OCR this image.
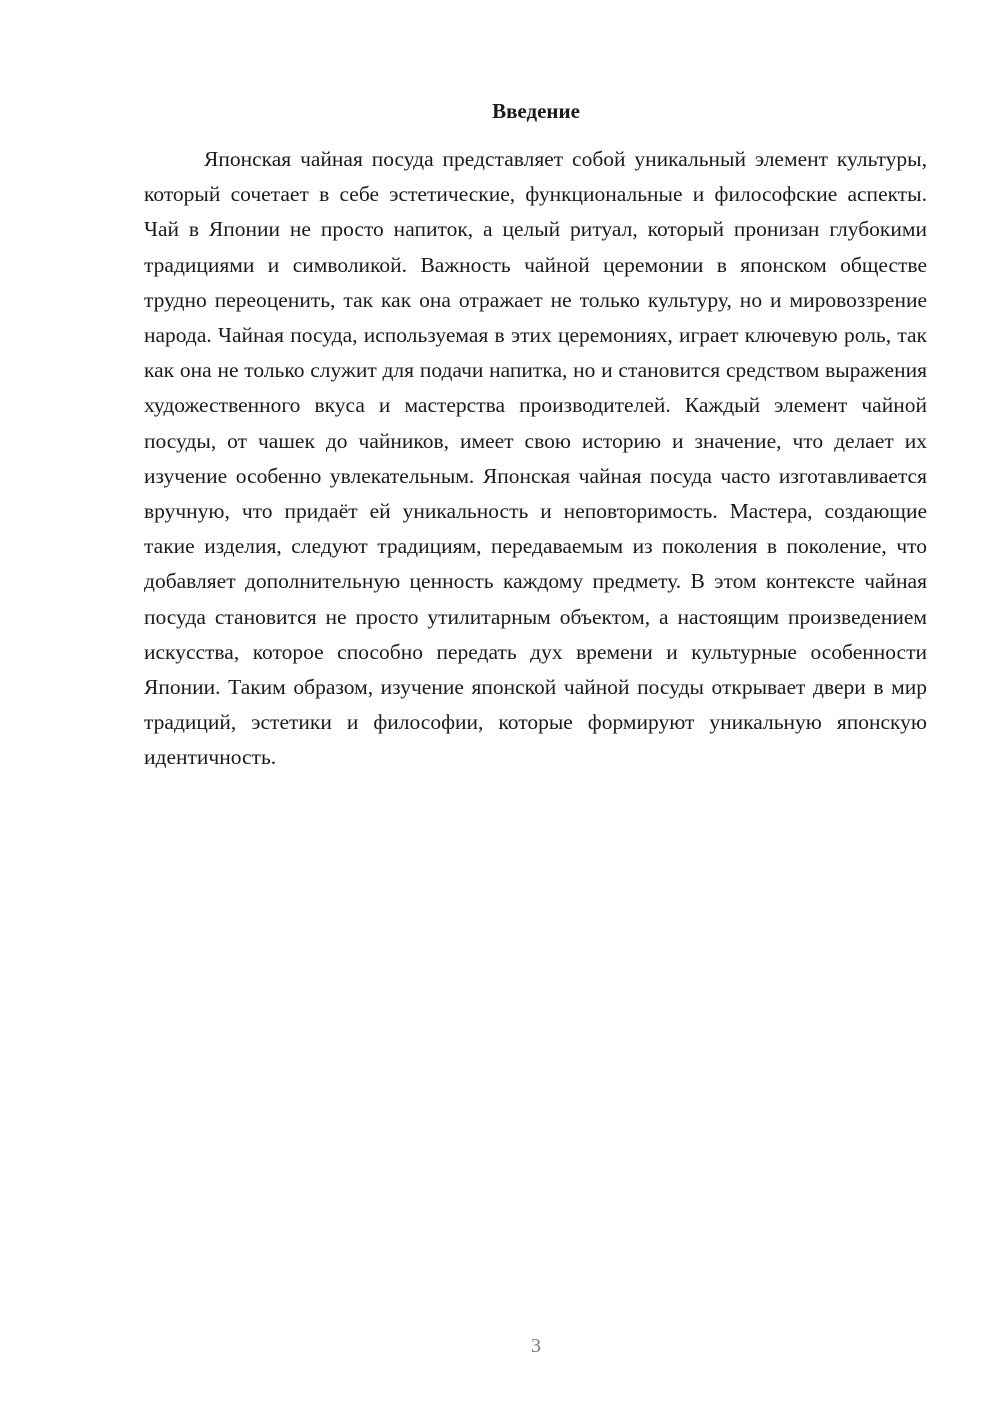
Введение

Японская чайная посуда представляет собой уникальный элемент культуры, который сочетает в себе эстетические, функциональные и философские аспекты. Чай в Японии не просто напиток, а целый ритуал, который пронизан глубокими традициями и символикой. Важность чайной церемонии в японском обществе трудно переоценить, так как она отражает не только культуру, но и мировоззрение народа. Чайная посуда, используемая в этих церемониях, играет ключевую роль, так как она не только служит для подачи напитка, но и становится средством выражения художественного вкуса и мастерства производителей. Каждый элемент чайной посуды, от чашек до чайников, имеет свою историю и значение, что делает их изучение особенно увлекательным. Японская чайная посуда часто изготавливается вручную, что придаёт ей уникальность и неповторимость. Мастера, создающие такие изделия, следуют традициям, передаваемым из поколения в поколение, что добавляет дополнительную ценность каждому предмету. В этом контексте чайная посуда становится не просто утилитарным объектом, а настоящим произведением искусства, которое способно передать дух времени и культурные особенности Японии. Таким образом, изучение японской чайной посуды открывает двери в мир традиций, эстетики и философии, которые формируют уникальную японскую идентичность.

3
